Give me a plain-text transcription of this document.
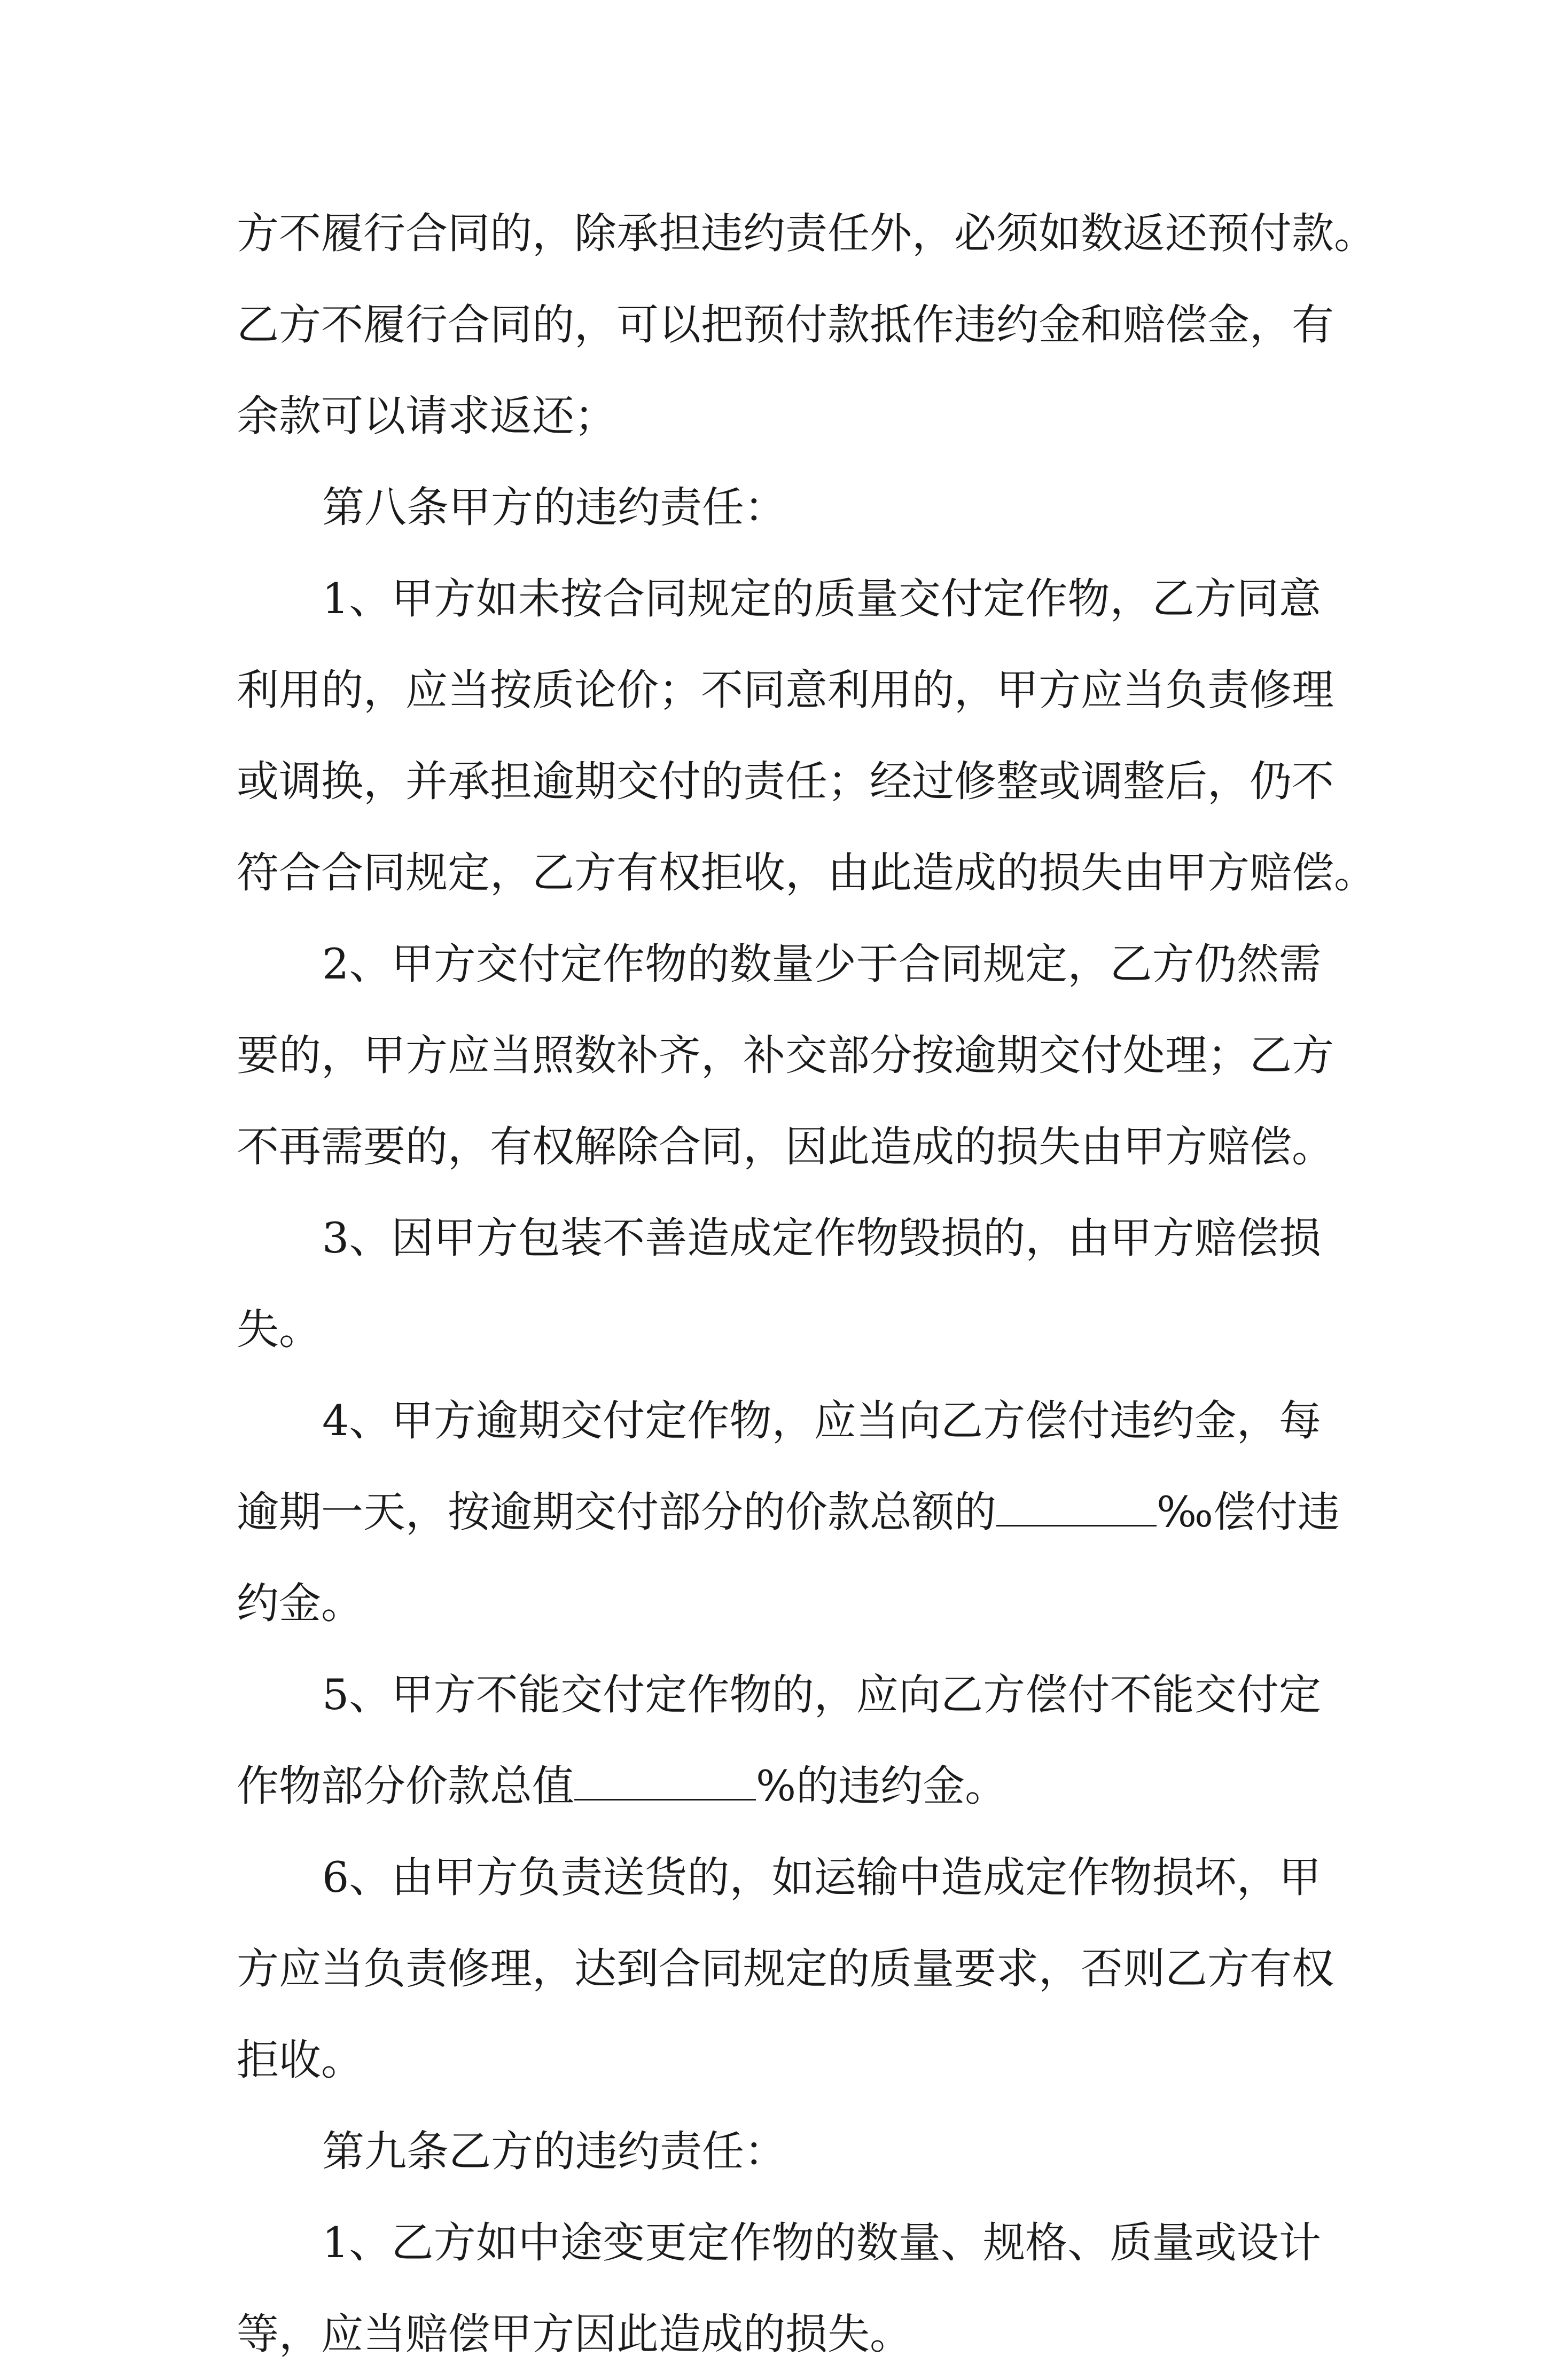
方不履行合同的，除承担违约责任外，必须如数返还预付款。
乙方不履行合同的，可以把预付款抵作违约金和赔偿金，有
余款可以请求返还；
第八条甲方的违约责任：
1、甲方如未按合同规定的质量交付定作物，乙方同意
利用的，应当按质论价；不同意利用的，甲方应当负责修理
或调换，并承担逾期交付的责任；经过修整或调整后，仍不
符合合同规定，乙方有权拒收，由此造成的损失由甲方赔偿。
2、甲方交付定作物的数量少于合同规定，乙方仍然需
要的，甲方应当照数补齐，补交部分按逾期交付处理；乙方
不再需要的，有权解除合同，因此造成的损失由甲方赔偿。
3、因甲方包装不善造成定作物毁损的，由甲方赔偿损
失。
4、甲方逾期交付定作物，应当向乙方偿付违约金，每
逾期一天，按逾期交付部分的价款总额的	‰偿付违
约金。
5、甲方不能交付定作物的，应向乙方偿付不能交付定
作物部分价款总值	%的违约金。
6、由甲方负责送货的，如运输中造成定作物损坏，甲
方应当负责修理，达到合同规定的质量要求，否则乙方有权
拒收。
第九条乙方的违约责任：
1、乙方如中途变更定作物的数量、规格、质量或设计
等，应当赔偿甲方因此造成的损失。
